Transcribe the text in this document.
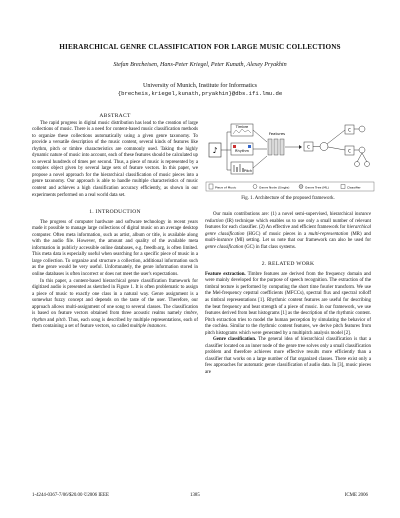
HIERARCHICAL GENRE CLASSIFICATION FOR LARGE MUSIC COLLECTIONS
Stefan Brecheisen, Hans-Peter Kriegel, Peter Kunath, Alexey Pryakhin
University of Munich, Institute for Informatics
{brecheis,kriegel,kunath,pryakhin}@dbs.ifi.lmu.de
ABSTRACT

The rapid progress in digital music distribution has lead to the creation of large collections of music. There is a need for content-based music classification methods to organize these collections automatically using a given genre taxonomy. To provide a versatile description of the music content, several kinds of features like rhythm, pitch or timbre characteristics are commonly used. Taking the highly dynamic nature of music into account, each of these features should be calculated up to several hundreds of times per second. Thus, a piece of music is represented by a complex object given by several large sets of feature vectors. In this paper, we propose a novel approach for the hierarchical classification of music pieces into a genre taxonomy. Our approach is able to handle multiple characteristics of music content and achieves a high classification accuracy efficiently, as shown in our experiments performed on a real world data set.

1. INTRODUCTION

The progress of computer hardware and software technology in recent years made it possible to manage large collections of digital music on an average desktop computer. Often meta information, such as artist, album or title, is available along with the audio file. However, the amount and quality of the available meta information in publicly accessible online databases, e.g. freedb.org, is often limited. This meta data is especially useful when searching for a specific piece of music in a large collection. To organize and structure a collection, additional information such as the genre would be very useful. Unfortunately, the genre information stored in online databases is often incorrect or does not meet the user's expectations.

In this paper, a content-based hierarchical genre classification framework for digitized audio is presented as sketched in Figure 1. It is often problematic to assign a piece of music to exactly one class in a natural way. Genre assignment is a somewhat fuzzy concept and depends on the taste of the user. Therefore, our approach allows multi-assignment of one song to several classes. The classification is based on feature vectors obtained from three acoustic realms namely timbre, rhythm and pitch. Thus, each song is described by multiple representations, each of them containing a set of feature vectors, so called multiple instances.

♪
Timbre
Rhythm
Pitch
Features
C
C
C
Piece of Music	Genre Node (Single)	Genre Tree (ML)	Classifier
Fig. 1. Architecture of the proposed framework.

Our main contributions are: (1) a novel semi-supervised, hierarchical instance reduction (IR) technique which enables us to use only a small number of relevant features for each classifier. (2) An effective and efficient framework for hierarchical genre classification (HGC) of music pieces in a multi-representation (MR) and multi-instance (MI) setting. Let us note that our framework can also be used for genre classification (GC) in flat class systems.

2. RELATED WORK

Feature extraction. Timbre features are derived from the frequency domain and were mainly developed for the purpose of speech recognition. The extraction of the timbral texture is performed by computing the short time fourier transform. We use the Mel-frequency cepstral coefficients (MFCCs), spectral flux and spectral rolloff as timbral representations [1]. Rhythmic content features are useful for describing the beat frequency and beat strength of a piece of music. In our framework, we use features derived from beat histograms [1] as the description of the rhythmic content. Pitch extraction tries to model the human perception by simulating the behavior of the cochlea. Similar to the rhythmic content features, we derive pitch features from pitch histograms which were generated by a multipitch analysis model [2].

Genre classification. The general idea of hierarchical classification is that a classifier located on an inner node of the genre tree solves only a small classification problem and therefore achieves more effective results more efficiently than a classifier that works on a large number of flat organized classes. There exist only a few approaches for automatic genre classification of audio data. In [3], music pieces are

1-4244-0367-7/06/$20.00 ©2006 IEEE	1385	ICME 2006
